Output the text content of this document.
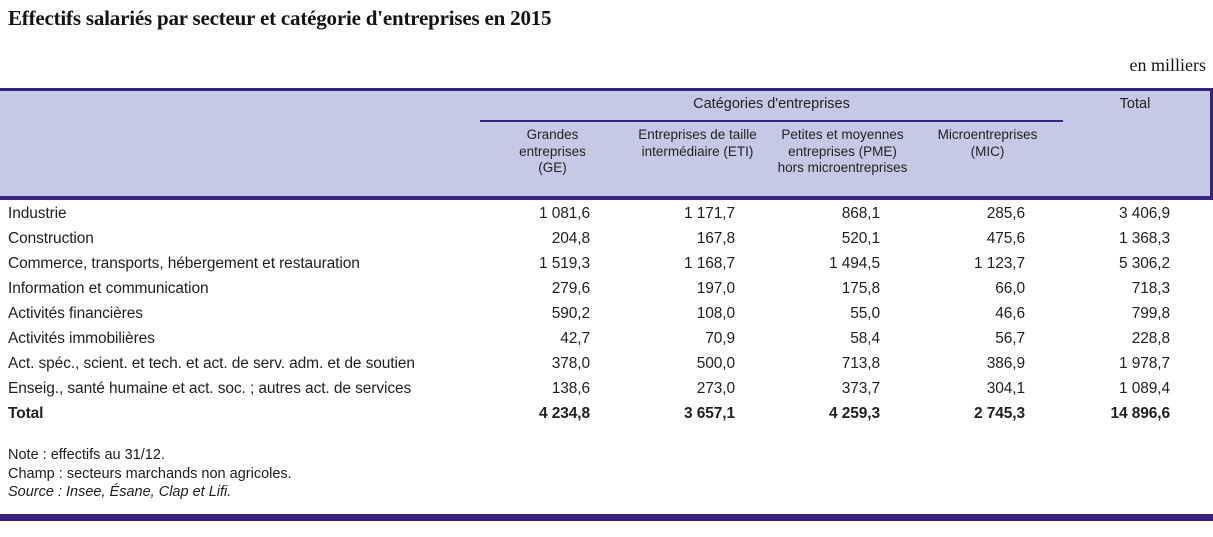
Effectifs salariés par secteur et catégorie d'entreprises en 2015
en milliers
Catégories d'entreprises
Grandes entreprises (GE)
Entreprises de taille intermédiaire (ETI)
Petites et moyennes entreprises (PME) hors microentreprises
Microentreprises (MIC)
Total
Industrie	1 081,6	1 171,7	868,1	285,6	3 406,9
Construction	204,8	167,8	520,1	475,6	1 368,3
Commerce, transports, hébergement et restauration	1 519,3	1 168,7	1 494,5	1 123,7	5 306,2
Information et communication	279,6	197,0	175,8	66,0	718,3
Activités financières	590,2	108,0	55,0	46,6	799,8
Activités immobilières	42,7	70,9	58,4	56,7	228,8
Act. spéc., scient. et tech. et act. de serv. adm. et de soutien	378,0	500,0	713,8	386,9	1 978,7
Enseig., santé humaine et act. soc. ; autres act. de services	138,6	273,0	373,7	304,1	1 089,4
Total	4 234,8	3 657,1	4 259,3	2 745,3	14 896,6
Note : effectifs au 31/12.
Champ : secteurs marchands non agricoles.
Source : Insee, Ésane, Clap et Lifi.
